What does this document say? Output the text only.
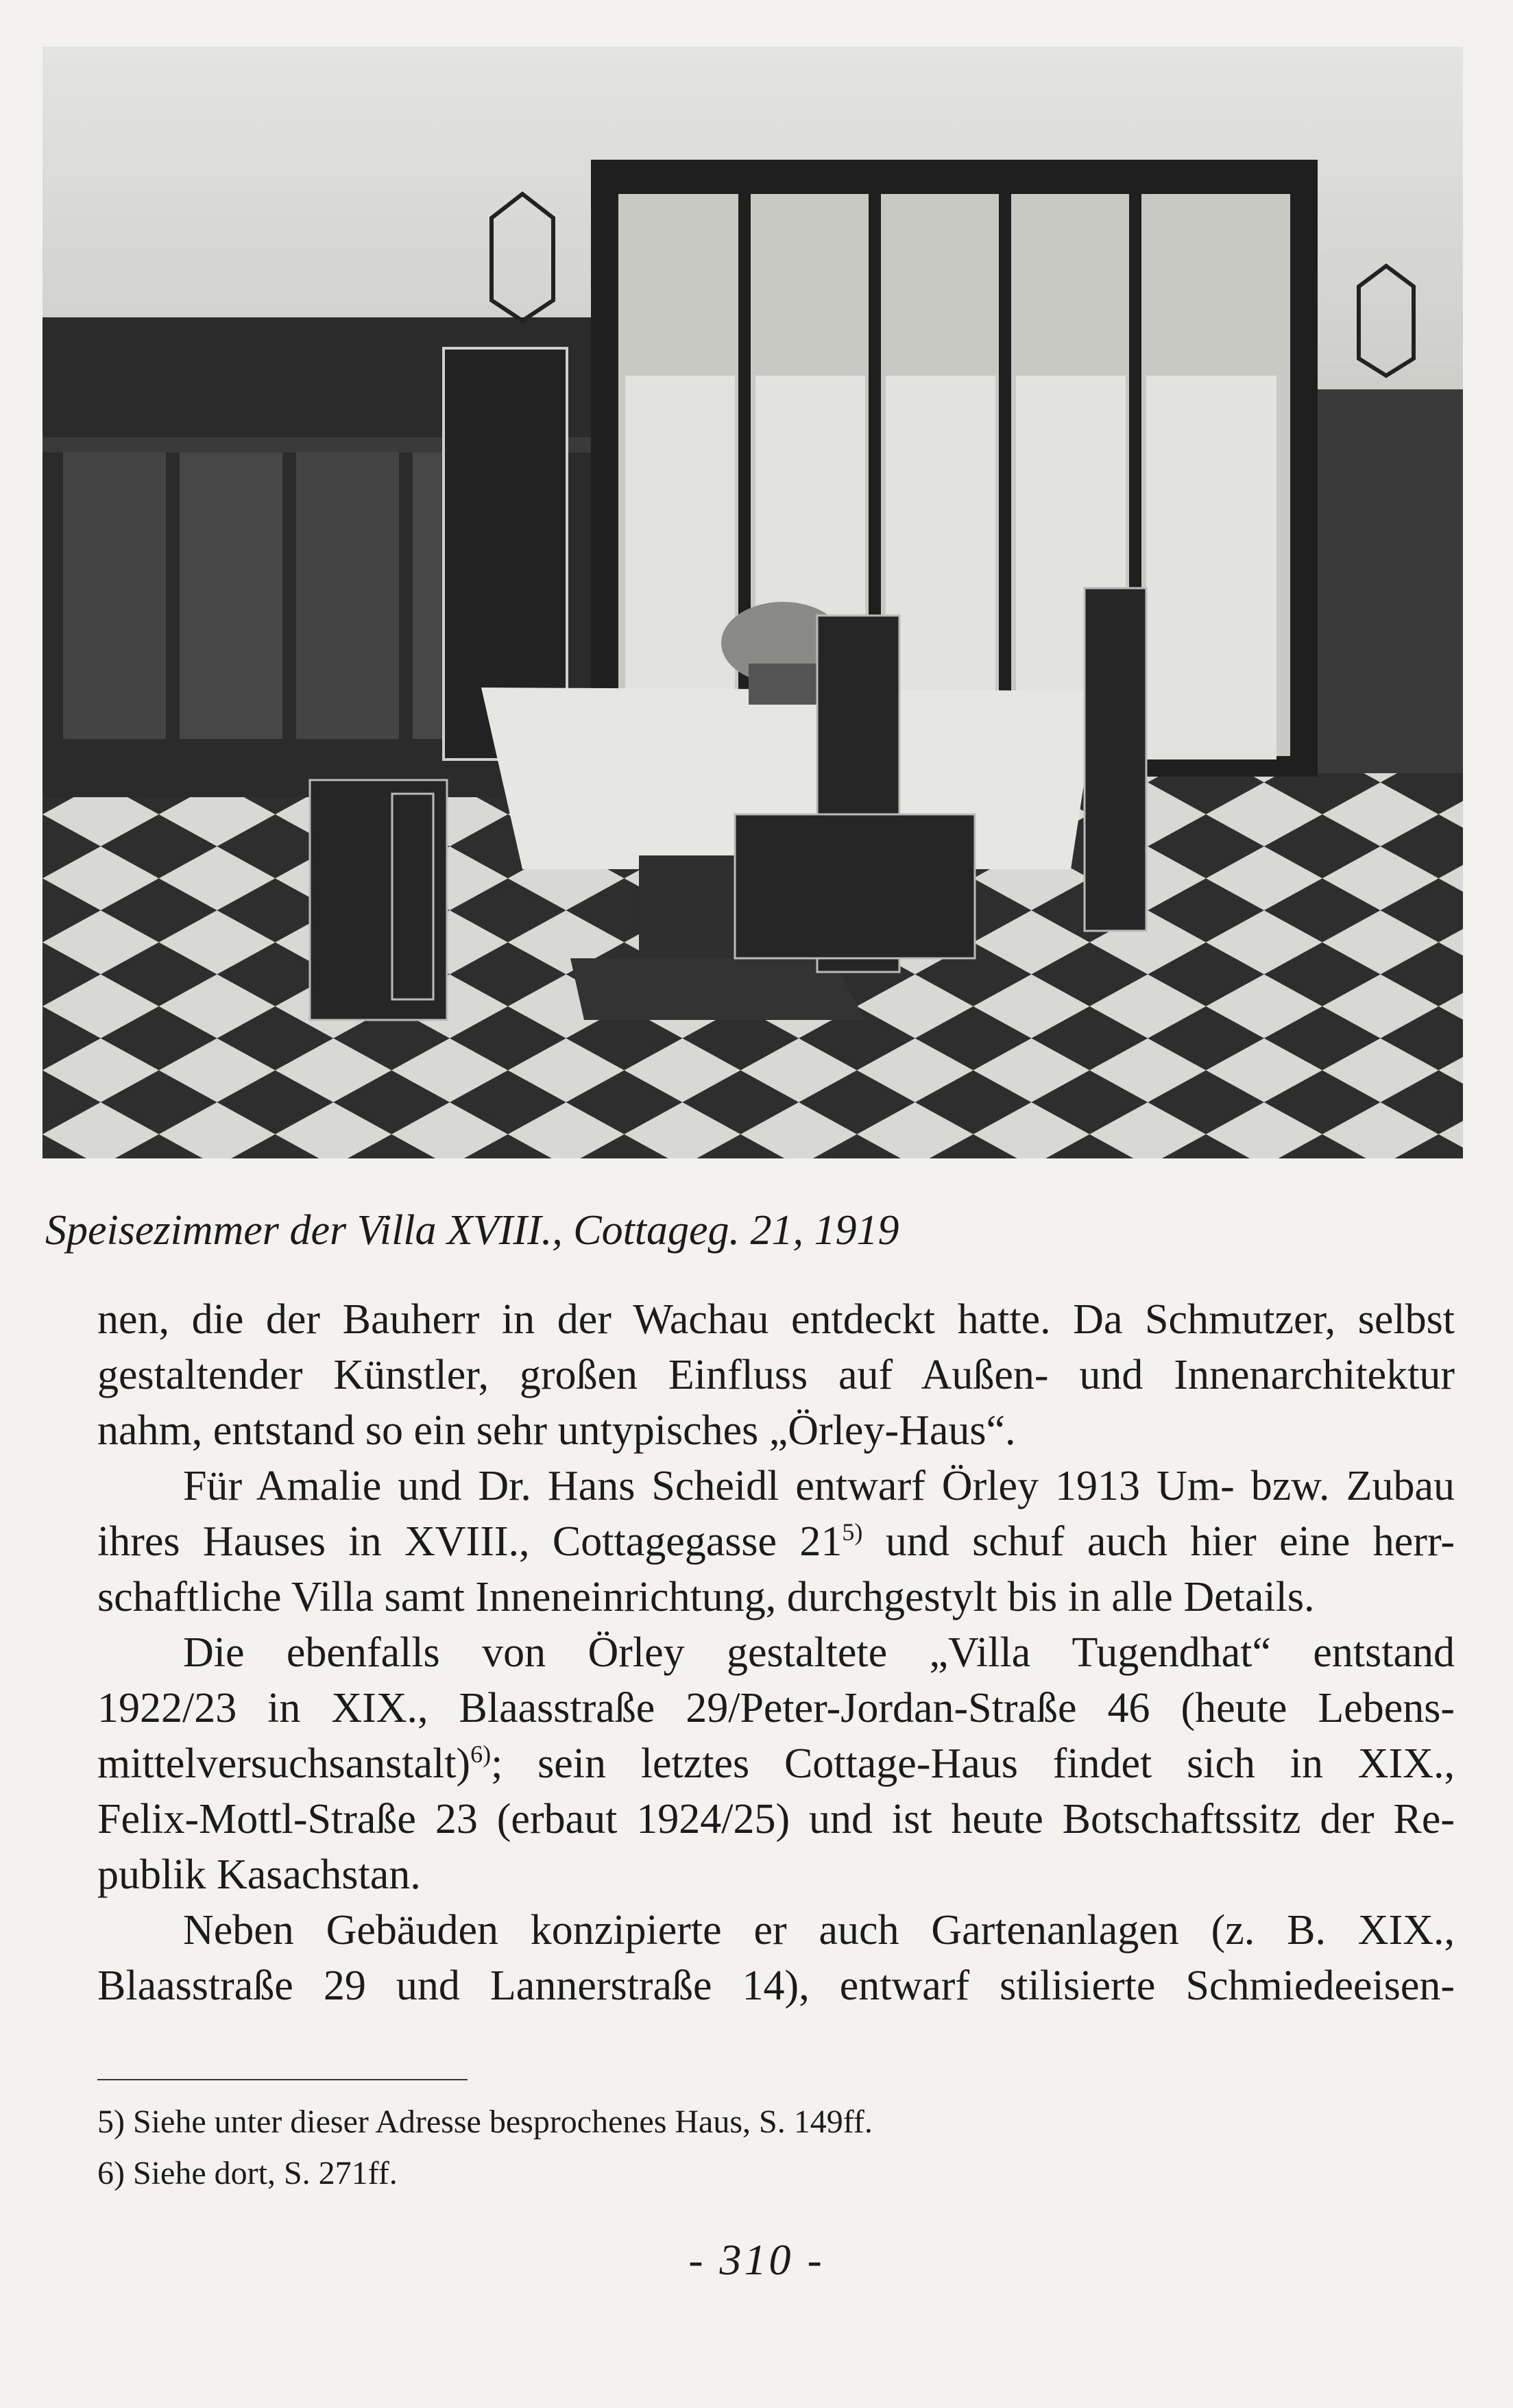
Speisezimmer der Villa XVIII., Cottageg. 21, 1919
nen, die der Bauherr in der Wachau entdeckt hatte. Da Schmutzer, selbst
gestaltender Künstler, großen Einfluss auf Außen- und Innenarchitektur
nahm, entstand so ein sehr untypisches „Örley-Haus“.
Für Amalie und Dr. Hans Scheidl entwarf Örley 1913 Um- bzw. Zubau
ihres Hauses in XVIII., Cottagegasse 21$^{5)}$ und schuf auch hier eine herr-
schaftliche Villa samt Inneneinrichtung, durchgestylt bis in alle Details.
Die ebenfalls von Örley gestaltete „Villa Tugendhat“ entstand
1922/23 in XIX., Blaasstraße 29/Peter-Jordan-Straße 46 (heute Lebens-
mittelversuchsanstalt)$^{6)}$; sein letztes Cottage-Haus findet sich in XIX.,
Felix-Mottl-Straße 23 (erbaut 1924/25) und ist heute Botschaftssitz der Re-
publik Kasachstan.
Neben Gebäuden konzipierte er auch Gartenanlagen (z. B. XIX.,
Blaasstraße 29 und Lannerstraße 14), entwarf stilisierte Schmiedeeisen-
5) Siehe unter dieser Adresse besprochenes Haus, S. 149ff.
6) Siehe dort, S. 271ff.
- 310 -
